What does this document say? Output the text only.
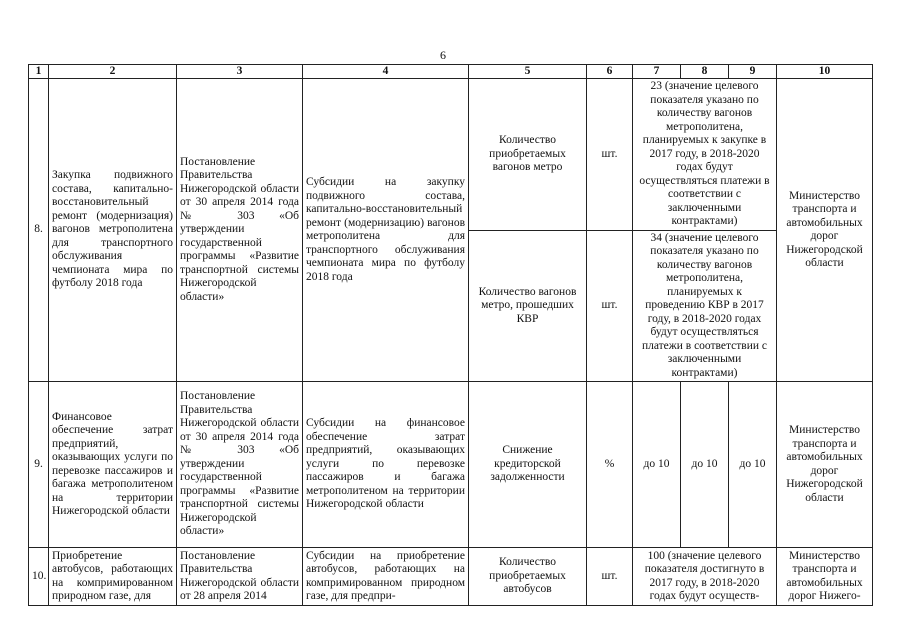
6
1	2	3	4	5	6	7	8	9	10
8.	Закупка подвижного состава, капитально-восстановительный ремонт (модернизация) вагонов метрополитена для транспортного обслуживания чемпионата мира по футболу 2018 года	Постановление Правительства Нижегородской области от 30 апреля 2014 года № 303 «Об утверждении государственной программы «Развитие транспортной системы Нижегородской области»	Субсидии на закупку подвижного состава, капитально-восстановительный ремонт (модернизацию) вагонов метрополитена для транспортного обслуживания чемпионата мира по футболу 2018 года	Количество приобретаемых вагонов метро	шт.	23 (значение целевого показателя указано по количеству вагонов метрополитена, планируемых к закупке в 2017 году, в 2018-2020 годах будут осуществляться платежи в соответствии с заключенными контрактами)			Министерство транспорта и автомобильных дорог Нижегородской области
				Количество вагонов метро, прошедших КВР	шт.	34 (значение целевого показателя указано по количеству вагонов метрополитена, планируемых к проведению КВР в 2017 году, в 2018-2020 годах будут осуществляться платежи в соответствии с заключенными контрактами)			
9.	Финансовое обеспечение затрат предприятий, оказывающих услуги по перевозке пассажиров и багажа метрополитеном на территории Нижегородской области	Постановление Правительства Нижегородской области от 30 апреля 2014 года № 303 «Об утверждении государственной программы «Развитие транспортной системы Нижегородской области»	Субсидии на финансовое обеспечение затрат предприятий, оказывающих услуги по перевозке пассажиров и багажа метрополитеном на территории Нижегородской области	Снижение кредиторской задолженности	%	до 10	до 10	до 10	Министерство транспорта и автомобильных дорог Нижегородской области
10.	Приобретение автобусов, работающих на компримированном природном газе, для	Постановление Правительства Нижегородской области от 28 апреля 2014	Субсидии на приобретение автобусов, работающих на компримированном природном газе, для предпри-	Количество приобретаемых автобусов	шт.	100 (значение целевого показателя достигнуто в 2017 году, в 2018-2020 годах будут осуществ-			Министерство транспорта и автомобильных дорог Нижего-
